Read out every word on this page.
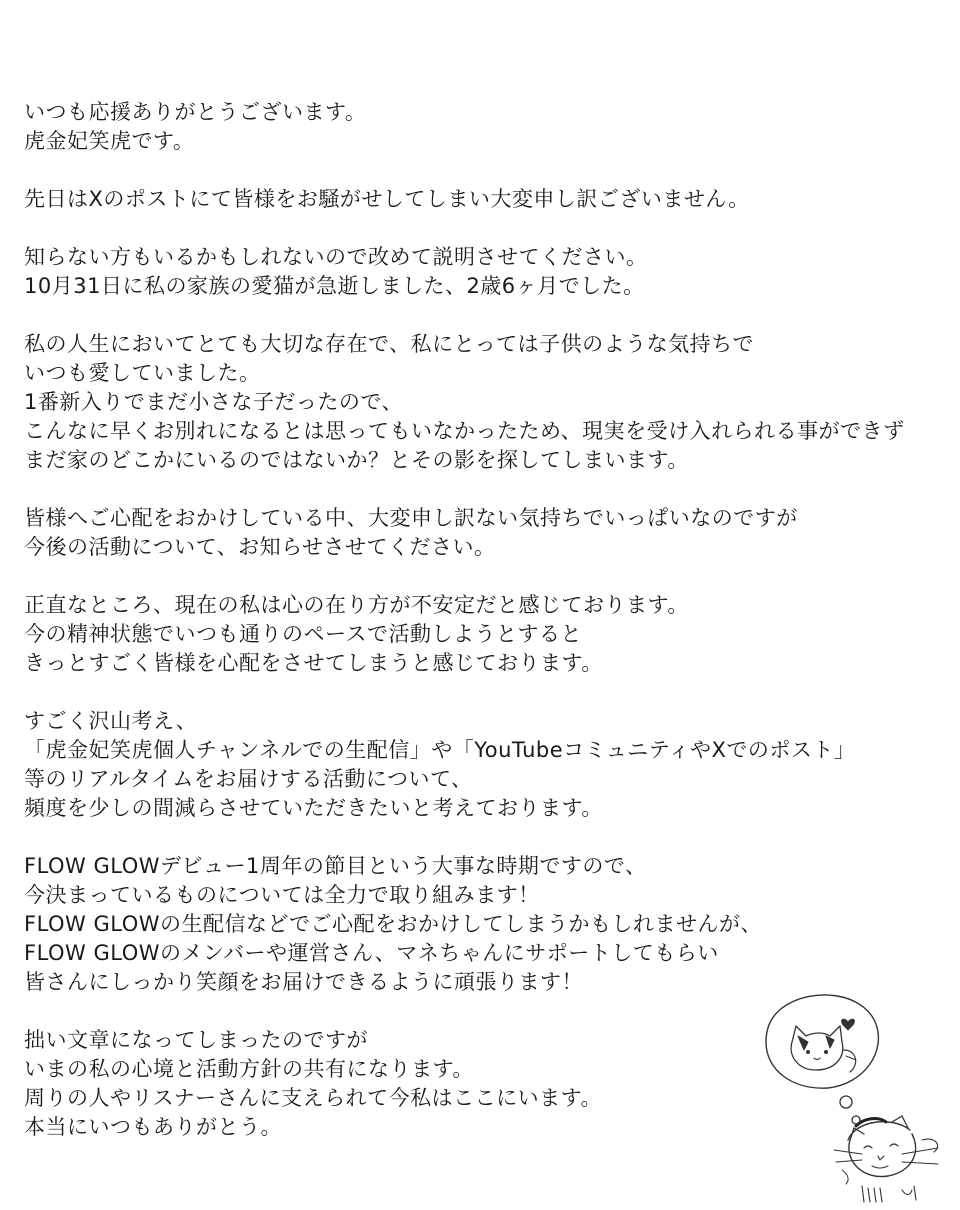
いつも応援ありがとうございます。
虎金妃笑虎です。
先日はXのポストにて皆様をお騒がせしてしまい大変申し訳ございません。
知らない方もいるかもしれないので改めて説明させてください。
10月31日に私の家族の愛猫が急逝しました、2歳6ヶ月でした。
私の人生においてとても大切な存在で、私にとっては子供のような気持ちで
いつも愛していました。
1番新入りでまだ小さな子だったので、
こんなに早くお別れになるとは思ってもいなかったため、現実を受け入れられる事ができず
まだ家のどこかにいるのではないか？とその影を探してしまいます。
皆様へご心配をおかけしている中、大変申し訳ない気持ちでいっぱいなのですが
今後の活動について、お知らせさせてください。
正直なところ、現在の私は心の在り方が不安定だと感じております。
今の精神状態でいつも通りのペースで活動しようとすると
きっとすごく皆様を心配をさせてしまうと感じております。
すごく沢山考え、
「虎金妃笑虎個人チャンネルでの生配信」や「YouTubeコミュニティやXでのポスト」
等のリアルタイムをお届けする活動について、
頻度を少しの間減らさせていただきたいと考えております。
FLOW GLOWデビュー1周年の節目という大事な時期ですので、
今決まっているものについては全力で取り組みます！
FLOW GLOWの生配信などでご心配をおかけしてしまうかもしれませんが、
FLOW GLOWのメンバーや運営さん、マネちゃんにサポートしてもらい
皆さんにしっかり笑顔をお届けできるように頑張ります！
拙い文章になってしまったのですが
いまの私の心境と活動方針の共有になります。
周りの人やリスナーさんに支えられて今私はここにいます。
本当にいつもありがとう。
